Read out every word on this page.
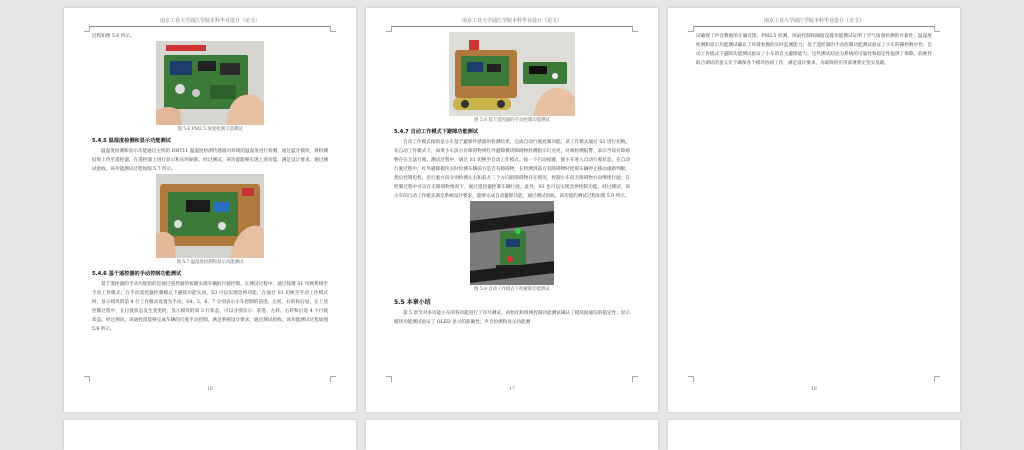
南京工业大学浦江学院本科毕业设计（论文）

过程如图 5.6 所示。

图 5.6 PM2.5 浓度检测示意测试

5.4.5 温湿度检测和显示功能测试

温湿度检测和显示功能通过主机的 DHT11 温湿度检测传感器对环境的温湿度进行检测，通过蓝牙模块，将检测结果上传至遥控器，在遥控器上进行显示和实时刷新。经过测试，该功能能够实现上述功能，满足设计要求。通过测试验收。该功能测试过程如图 5.7 所示。

图 5.7 温湿度检测和显示功能测试

5.4.6 基于遥控器的手动控制功能测试

基于遥控器的手动功能指的是通过遥控器的按键实现车辆的行驶控制。在测试过程中，通过按键 S1 切换系统至手动工作模式；在手动遥控器控制模式下避障功能关闭，S3 可以实现急停功能，在通过 S1 切换至手动工作模式时，显示模块的第 4 行工作模式设置为手动，S4、5、6、7 分别表示小车控制的前进、左转、右转和后退，在上述控制过程中，在行驶状态发生变更时，显示模块的第 3 行状态，可以分别显示：前进、左转、右转和后退 4 个行驶状态。经过测试，该通控遥能够完成车辆的行驶手动控制，满足系统设计要求，通过测试验收。该功能测试过程如图 5.8 所示。

16
南京工业大学浦江学院本科毕业设计（论文）

图 5.8 基于遥控器的手动控制功能测试

5.4.7 自动工作模式下避障功能测试

自动工作模式指的是小车基于避障传感器的检测结果，完成自动行驶控制功能。该工作模式通过 S3 进行切换。在自动工作模式下，如果小车前方有障碍物则红外避障模块障碍物检测指示灯点亮，对端检测报警。表示当前有障碍物存在无法行驶。测试过程中，通过 S1 切换至自动工作模式。按一下启动按键，使小车进入自动行驶状态，在自动行驶过程中，红外避障模块实时检测车辆前方是否有障碍物，在检测到前方有障碍物时控制车辆停止移动重新判断，然后控制电机，沿行驶方向分别检测左右和前方三个方向的障碍物存在情况，控制小车向无障碍物方向继续行驶；在控制过程中可以在无障碍物情况下，通过遥控器控制车辆行驶。此外，S3 也可以实现急停控制功能。经过测试，该小车的自动工作模式满足系统设计要求，能够完成自动避障功能，通过测试验收。该功能的测试过程如图 5.9 所示。

图 5.9 自动工作模式下的避障功能测试

5.5 本章小结

第 5 章节对多功能小车的各功能进行了详尽测试。初始化和组网控制功能测试确认了模块间通信的稳定性；显示模块功能测试验证了 OLED 显示的准确性；声音检测和显示功能测

17
南京工业大学浦江学院本科毕业设计（论文）

试确保了声音数据的正确反馈；PM2.5 检测、风扇控制和阈值设置功能测试证明了空气质量检测的可靠性；温湿度检测和显示功能测试确认了环境参数的实时监测能力；基于遥控器的手动控制功能测试验证了小车的操控响应性；自动工作模式下避障功能测试验证了小车的自主避障能力。这些测试结论为系统的可靠性和稳定性提供了保障，软硬件联合调试的意义在于确保各个模块协同工作，满足设计要求，为最终的应用部署奠定坚实基础。

18
